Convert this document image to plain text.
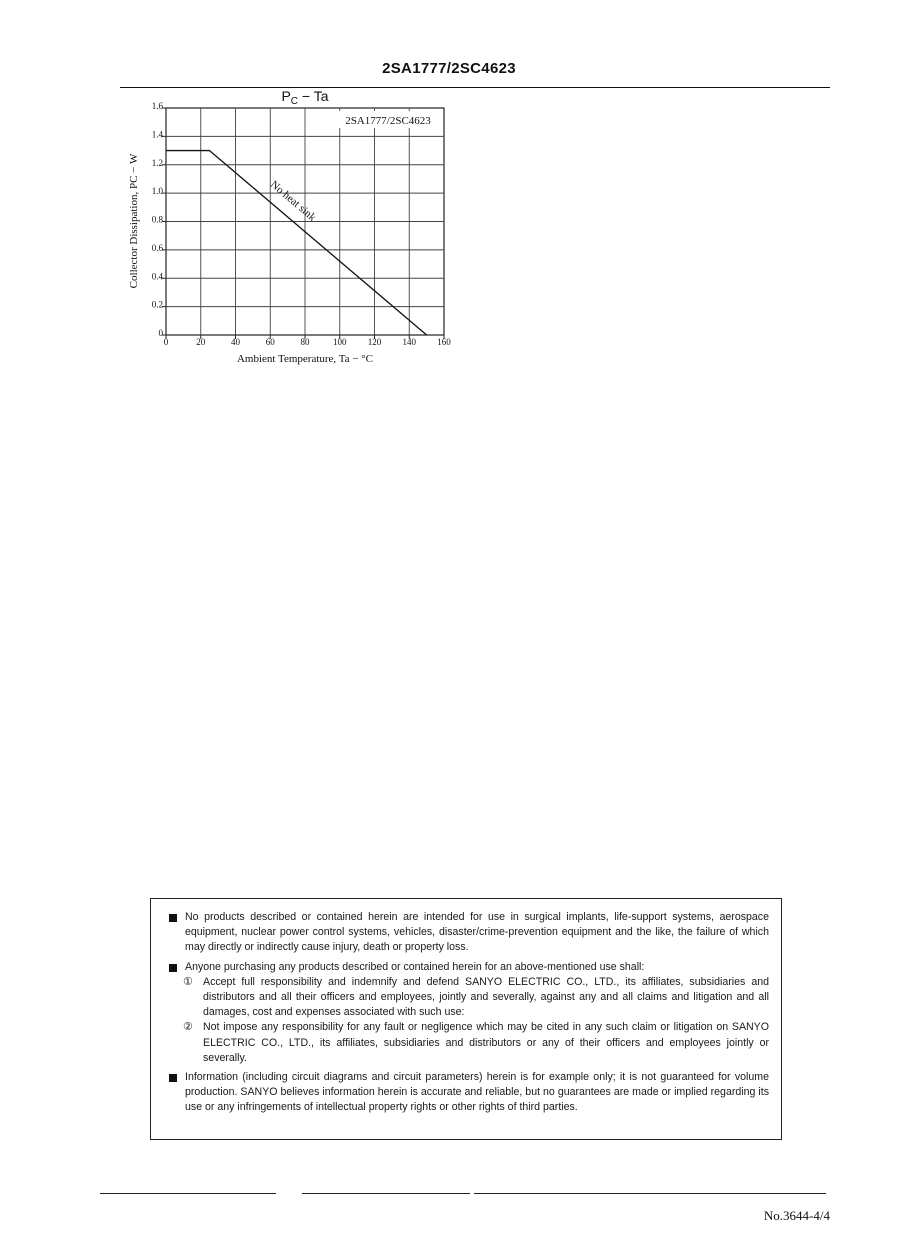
2SA1777/2SC4623
0	20	40	60	80	100 120 140 160
0
0.2
0.4
0.6
0.8
1.0
1.2
1.4
1.6
2SA1777/2SC4623
$P_C - Ta$
Ambient Temperature, Ta − °C
Collector Dissipation, PC − W	No heat sink
No products described or contained herein are intended for use in surgical implants, life-support systems, aerospace equipment, nuclear power control systems, vehicles, disaster/crime-prevention equipment and the like, the failure of which may directly or indirectly cause injury, death or property loss.
Anyone purchasing any products described or contained herein for an above-mentioned use shall:
① Accept full responsibility and indemnify and defend SANYO ELECTRIC CO., LTD., its affiliates, subsidiaries and distributors and all their officers and employees, jointly and severally, against any and all claims and litigation and all damages, cost and expenses associated with such use:
② Not impose any responsibility for any fault or negligence which may be cited in any such claim or litigation on SANYO ELECTRIC CO., LTD., its affiliates, subsidiaries and distributors or any of their officers and employees jointly or severally.
Information (including circuit diagrams and circuit parameters) herein is for example only; it is not guaranteed for volume production. SANYO believes information herein is accurate and reliable, but no guarantees are made or implied regarding its use or any infringements of intellectual property rights or other rights of third parties.
No.3644-4/4
